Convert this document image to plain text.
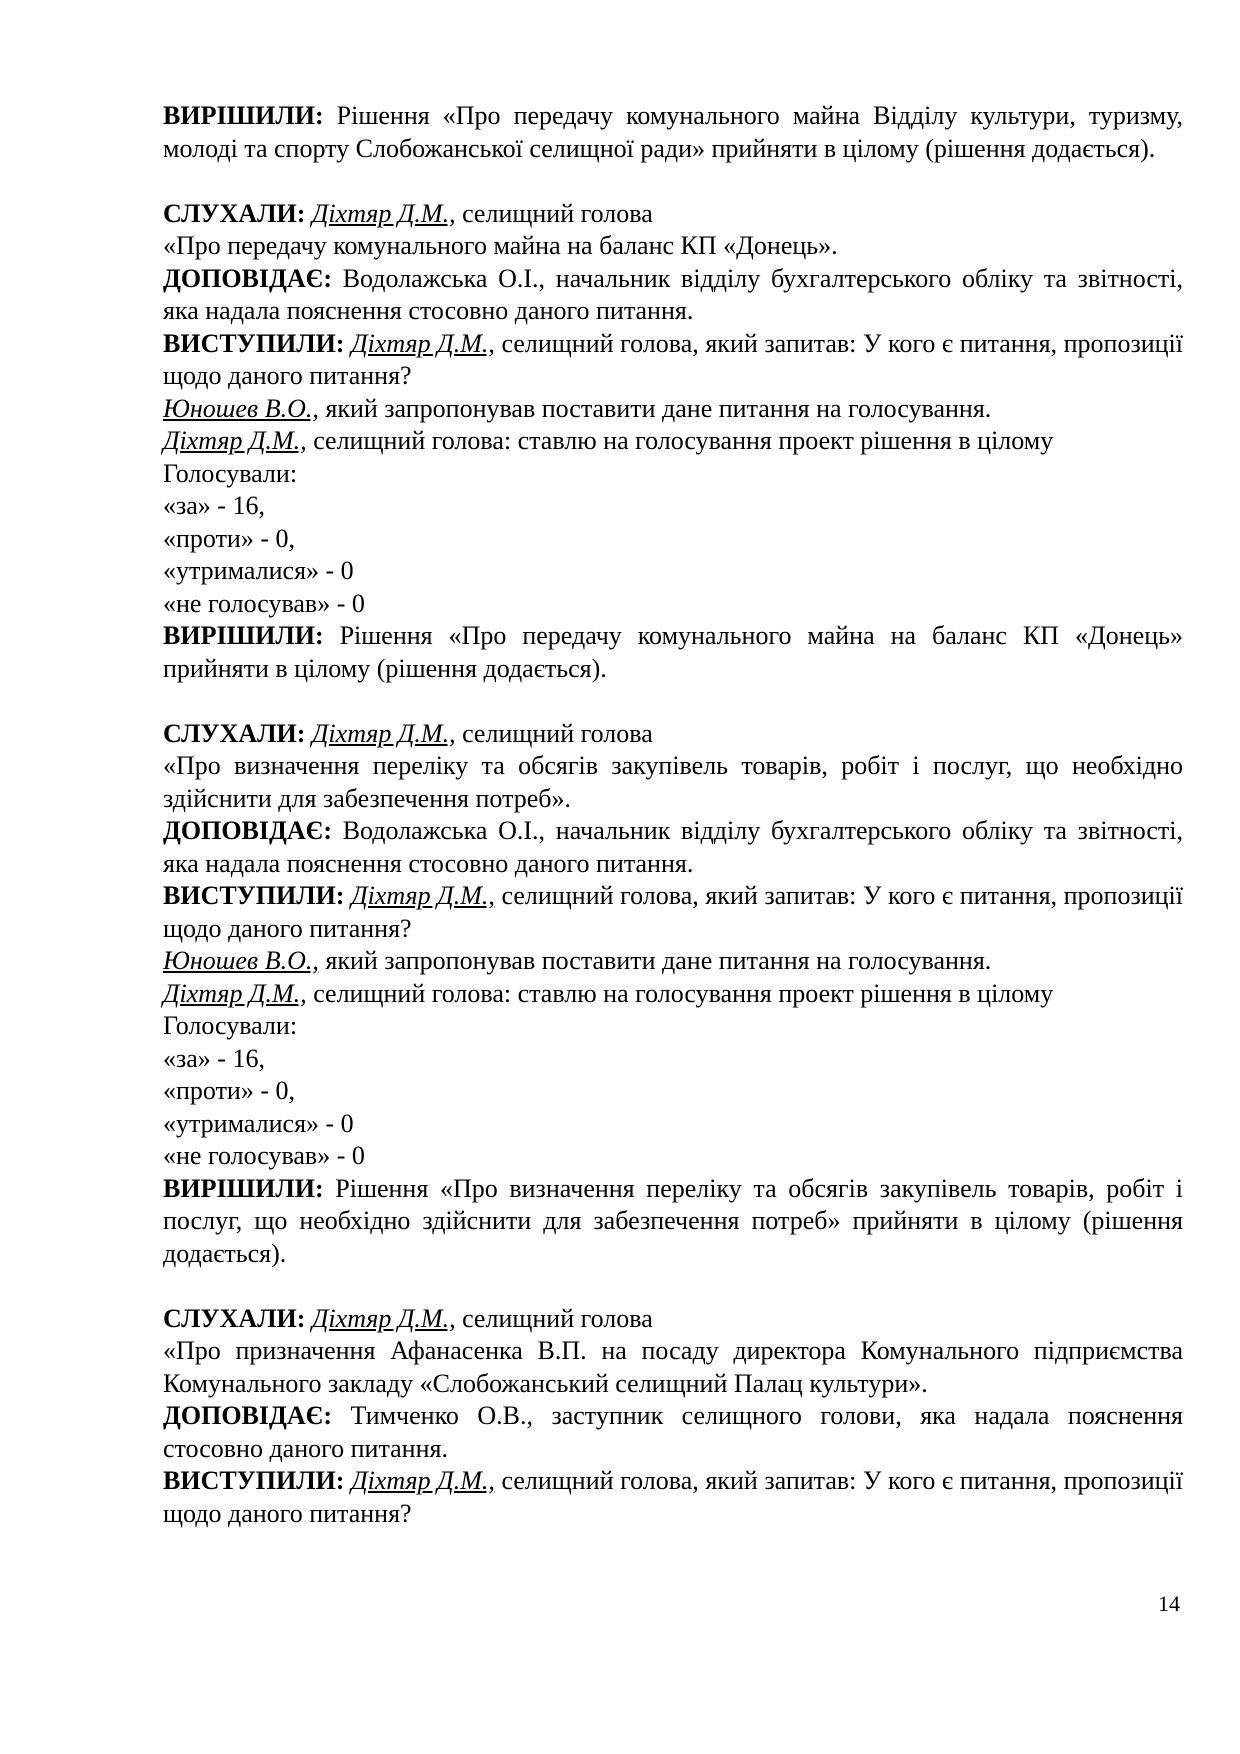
ВИРІШИЛИ: Рішення «Про передачу комунального майна Відділу культури, туризму, молоді та спорту Слобожанської селищної ради» прийняти в цілому (рішення додається).

СЛУХАЛИ: Діхтяр Д.М., селищний голова

«Про передачу комунального майна на баланс КП «Донець».

ДОПОВІДАЄ: Водолажська О.І., начальник відділу бухгалтерського обліку та звітності, яка надала пояснення стосовно даного питання.

ВИСТУПИЛИ: Діхтяр Д.М., селищний голова, який запитав: У кого є питання, пропозиції щодо даного питання?

Юношев В.О., який запропонував поставити дане питання на голосування.

Діхтяр Д.М., селищний голова: ставлю на голосування проект рішення в цілому

Голосували:

«за» - 16,

«проти» - 0,

«утрималися» - 0

«не голосував» - 0

ВИРІШИЛИ: Рішення «Про передачу комунального майна на баланс КП «Донець» прийняти в цілому (рішення додається).

СЛУХАЛИ: Діхтяр Д.М., селищний голова

«Про визначення переліку та обсягів закупівель товарів, робіт і послуг, що необхідно здійснити для забезпечення потреб».

ДОПОВІДАЄ: Водолажська О.І., начальник відділу бухгалтерського обліку та звітності, яка надала пояснення стосовно даного питання.

ВИСТУПИЛИ: Діхтяр Д.М., селищний голова, який запитав: У кого є питання, пропозиції щодо даного питання?

Юношев В.О., який запропонував поставити дане питання на голосування.

Діхтяр Д.М., селищний голова: ставлю на голосування проект рішення в цілому

Голосували:

«за» - 16,

«проти» - 0,

«утрималися» - 0

«не голосував» - 0

ВИРІШИЛИ: Рішення «Про визначення переліку та обсягів закупівель товарів, робіт і послуг, що необхідно здійснити для забезпечення потреб» прийняти в цілому (рішення додається).

СЛУХАЛИ: Діхтяр Д.М., селищний голова

«Про призначення Афанасенка В.П. на посаду директора Комунального підприємства Комунального закладу «Слобожанський селищний Палац культури».

ДОПОВІДАЄ: Тимченко О.В., заступник селищного голови, яка надала пояснення стосовно даного питання.

ВИСТУПИЛИ: Діхтяр Д.М., селищний голова, який запитав: У кого є питання, пропозиції щодо даного питання?

14
